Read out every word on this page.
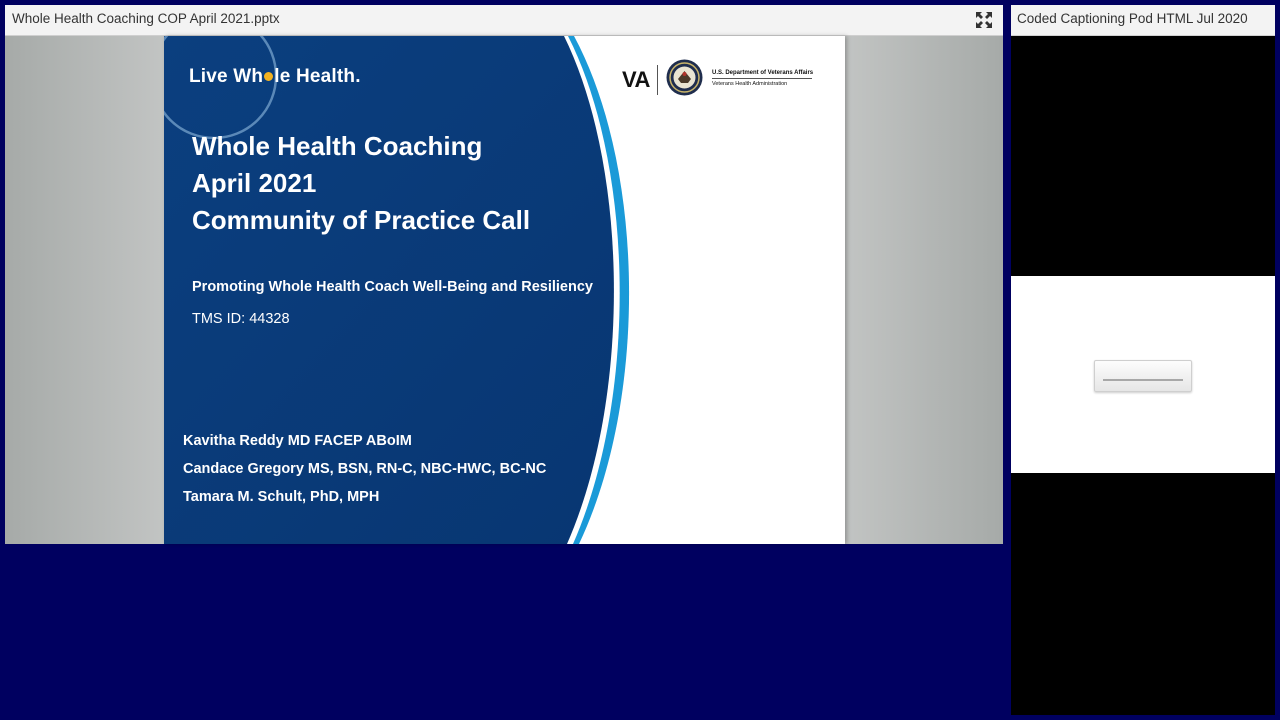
Whole Health Coaching COP April 2021.pptx
Live Wh le Health.
Whole Health Coaching
April 2021
Community of Practice Call
Promoting Whole Health Coach Well-Being and Resiliency
TMS ID: 44328
Kavitha Reddy MD FACEP ABoIM
Candace Gregory MS, BSN, RN-C, NBC-HWC, BC-NC
Tamara M. Schult, PhD, MPH
VA	U.S. Department of Veterans Affairs
Veterans Health Administration
Coded Captioning Pod HTML Jul 2020
